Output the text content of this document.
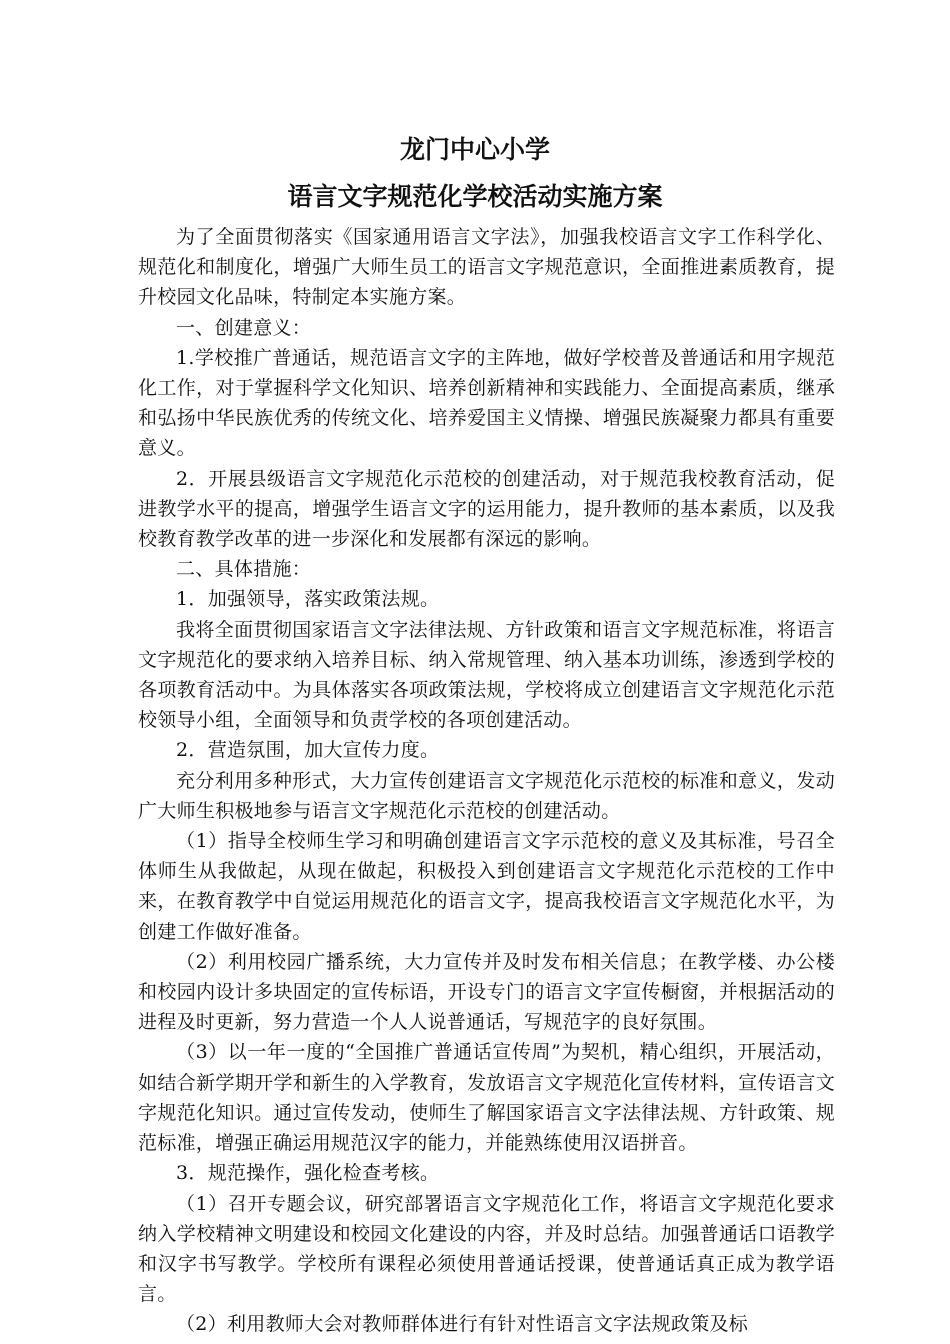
龙门中心小学
语言文字规范化学校活动实施方案

为了全面贯彻落实《国家通用语言文字法》，加强我校语言文字工作科学化、规范化和制度化，增强广大师生员工的语言文字规范意识，全面推进素质教育，提升校园文化品味，特制定本实施方案。

一、创建意义：

1.学校推广普通话，规范语言文字的主阵地，做好学校普及普通话和用字规范化工作，对于掌握科学文化知识、培养创新精神和实践能力、全面提高素质，继承和弘扬中华民族优秀的传统文化、培养爱国主义情操、增强民族凝聚力都具有重要意义。

2．开展县级语言文字规范化示范校的创建活动，对于规范我校教育活动，促进教学水平的提高，增强学生语言文字的运用能力，提升教师的基本素质，以及我校教育教学改革的进一步深化和发展都有深远的影响。

二、具体措施：

1．加强领导，落实政策法规。

我将全面贯彻国家语言文字法律法规、方针政策和语言文字规范标准，将语言文字规范化的要求纳入培养目标、纳入常规管理、纳入基本功训练，渗透到学校的各项教育活动中。为具体落实各项政策法规，学校将成立创建语言文字规范化示范校领导小组，全面领导和负责学校的各项创建活动。

2．营造氛围，加大宣传力度。

充分利用多种形式，大力宣传创建语言文字规范化示范校的标准和意义，发动广大师生积极地参与语言文字规范化示范校的创建活动。

（1）指导全校师生学习和明确创建语言文字示范校的意义及其标准，号召全体师生从我做起，从现在做起，积极投入到创建语言文字规范化示范校的工作中来，在教育教学中自觉运用规范化的语言文字，提高我校语言文字规范化水平，为创建工作做好准备。

（2）利用校园广播系统，大力宣传并及时发布相关信息；在教学楼、办公楼和校园内设计多块固定的宣传标语，开设专门的语言文字宣传橱窗，并根据活动的进程及时更新，努力营造一个人人说普通话，写规范字的良好氛围。

（3）以一年一度的“全国推广普通话宣传周”为契机，精心组织，开展活动，如结合新学期开学和新生的入学教育，发放语言文字规范化宣传材料，宣传语言文字规范化知识。通过宣传发动，使师生了解国家语言文字法律法规、方针政策、规范标准，增强正确运用规范汉字的能力，并能熟练使用汉语拼音。

3．规范操作，强化检查考核。

（1）召开专题会议，研究部署语言文字规范化工作，将语言文字规范化要求纳入学校精神文明建设和校园文化建设的内容，并及时总结。加强普通话口语教学和汉字书写教学。学校所有课程必须使用普通话授课，使普通话真正成为教学语言。

（2）利用教师大会对教师群体进行有针对性语言文字法规政策及标
